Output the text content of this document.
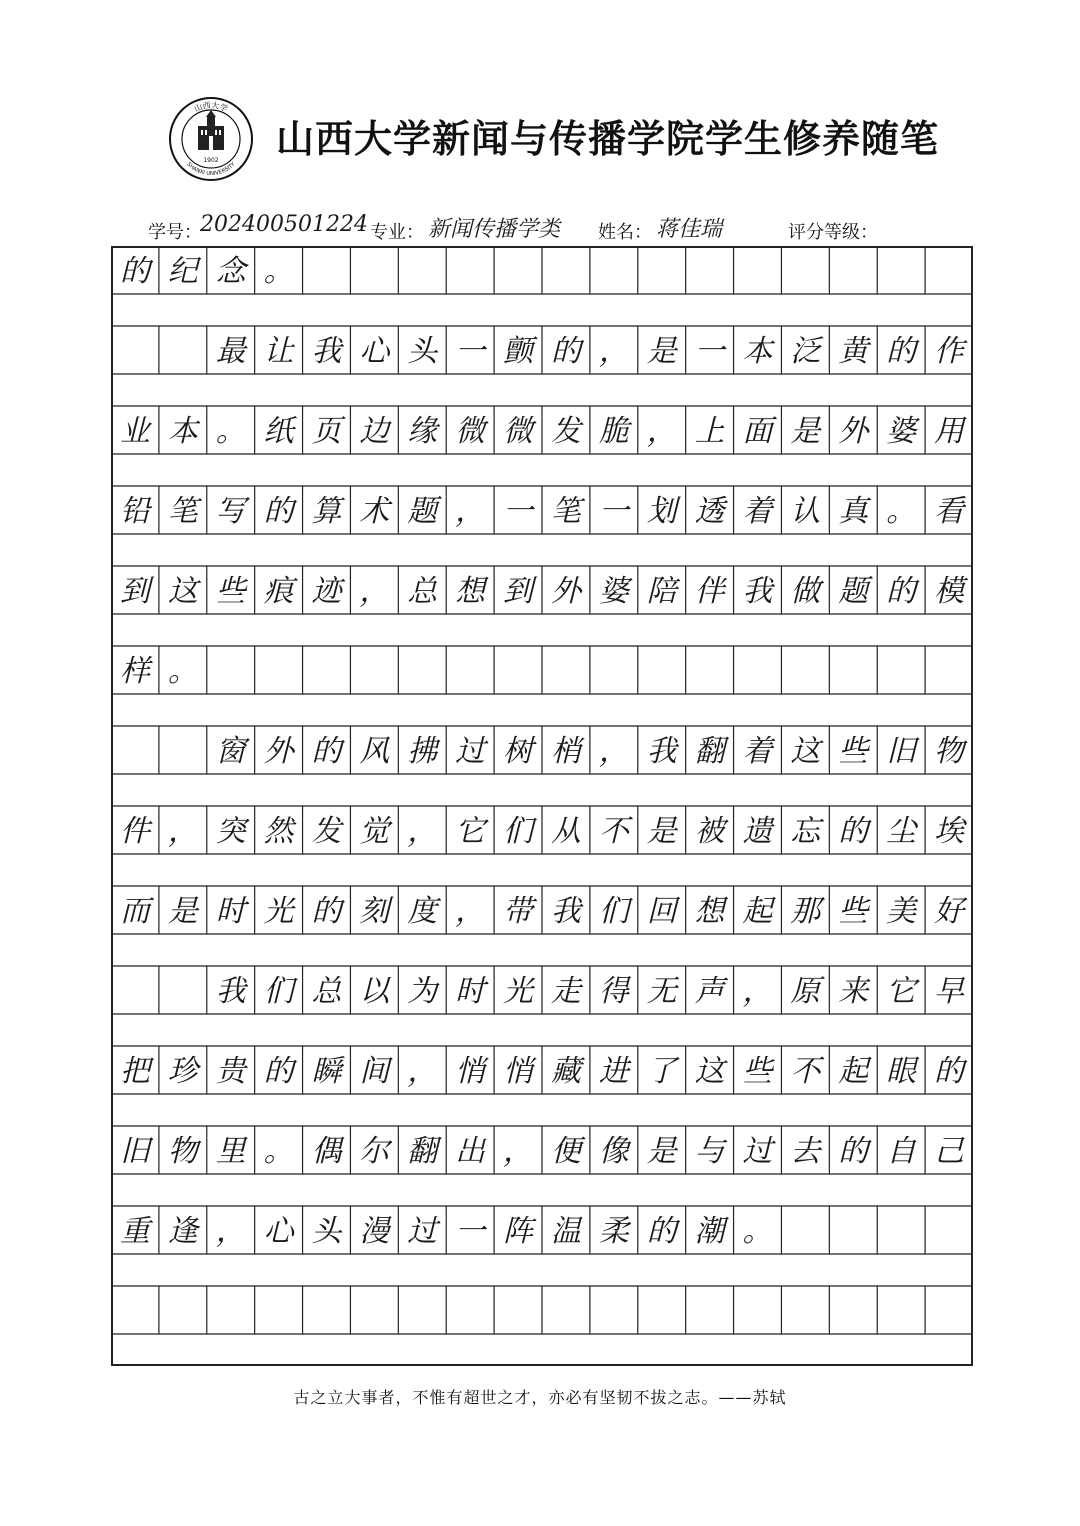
山西大学
SHANXI UNIVERSITY
1902 山西大学新闻与传播学院学生修养随笔
学号：
202400501224 专业： 新闻传播学类 姓名： 蒋佳瑞	评分等级：
的 纪 念 。
　　最 让 我 心 头 一 颤 的 ， 是 一 本 泛 黄 的 作
业 本 。 纸 页 边 缘 微 微 发 脆 ， 上 面 是 外 婆 用
铅 笔 写 的 算 术 题 ， 一 笔 一 划 透 着 认 真 。 看
到 这 些 痕 迹 ， 总 想 到 外 婆 陪 伴 我 做 题 的 模
样 。
　　窗 外 的 风 拂 过 树 梢 ， 我 翻 着 这 些 旧 物
件 ， 突 然 发 觉 ， 它 们 从 不 是 被 遗 忘 的 尘 埃
而 是 时 光 的 刻 度 ， 带 我 们 回 想 起 那 些 美 好
　　我 们 总 以 为 时 光 走 得 无 声 ， 原 来 它 早
把 珍 贵 的 瞬 间 ， 悄 悄 藏 进 了 这 些 不 起 眼 的
旧 物 里 。 偶 尔 翻 出 ， 便 像 是 与 过 去 的 自 己
重 逢 ， 心 头 漫 过 一 阵 温 柔 的 潮 。
古之立大事者，不惟有超世之才，亦必有坚韧不拔之志。——苏轼
